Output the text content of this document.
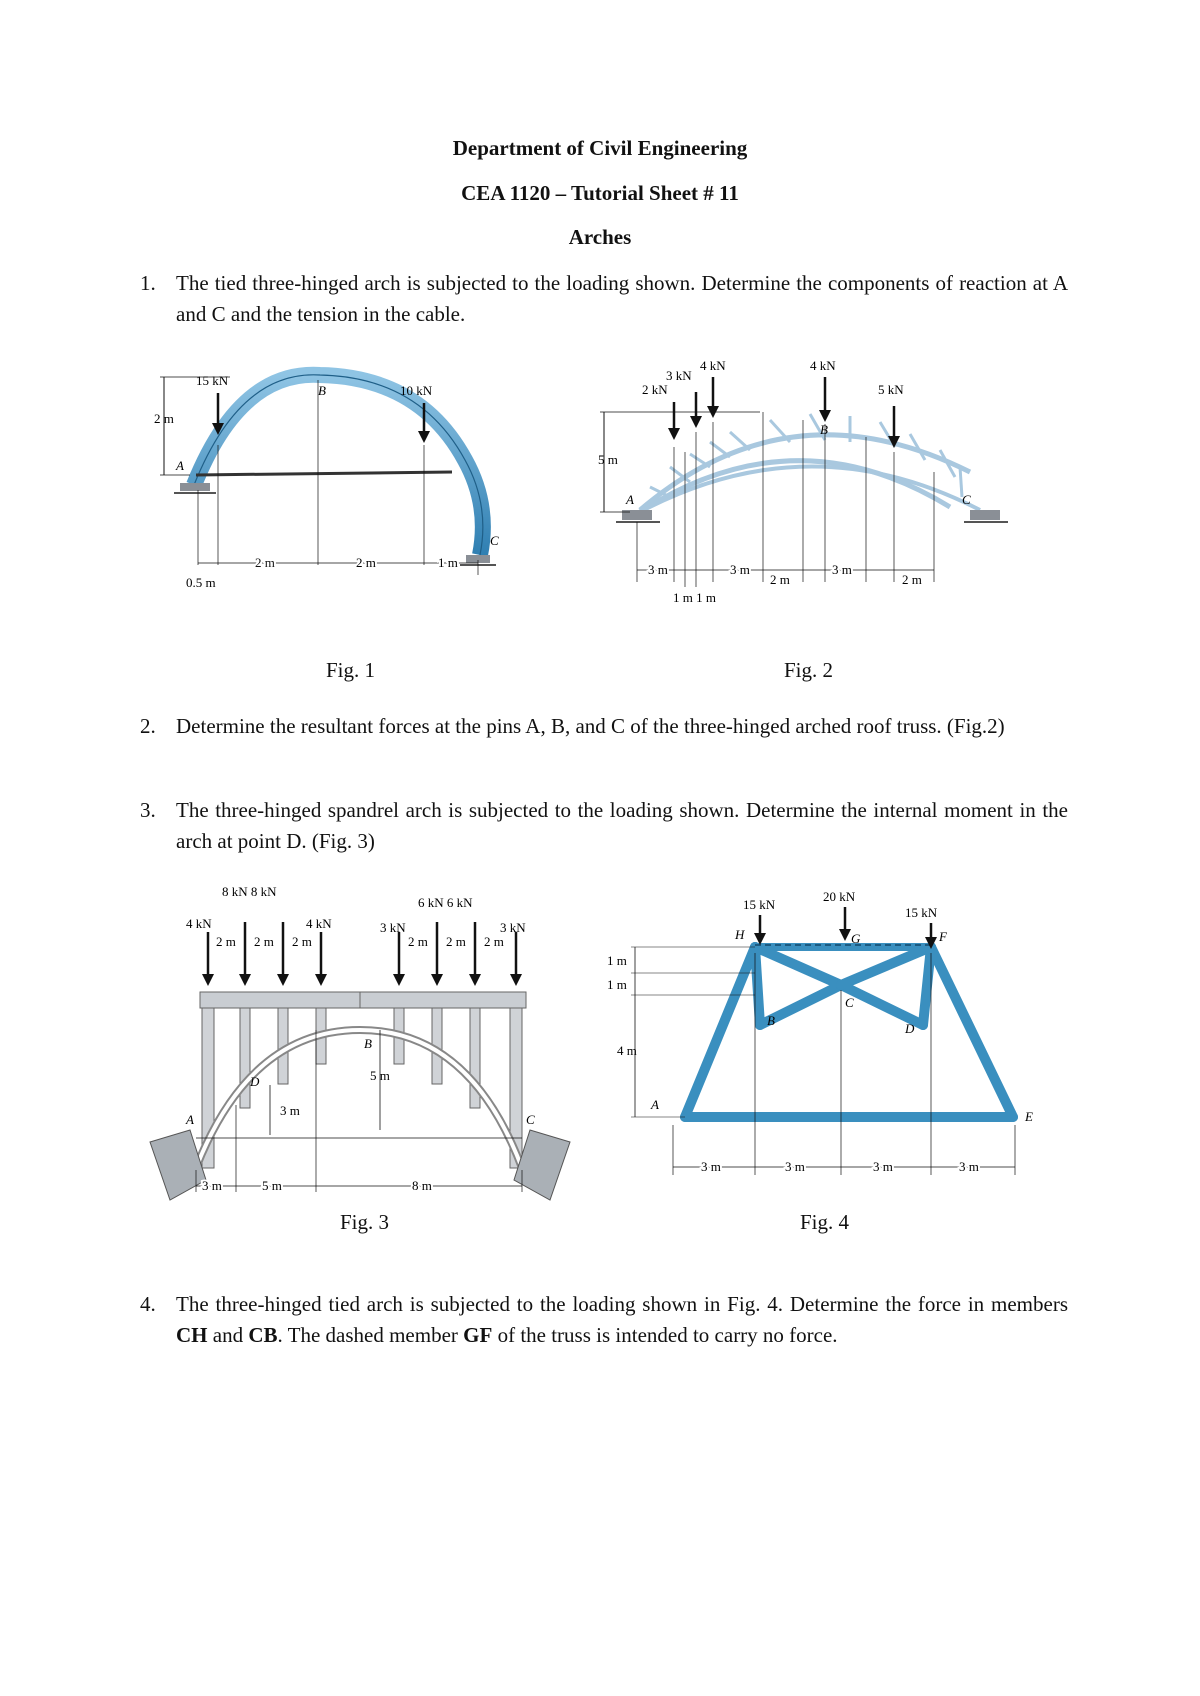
Department of Civil Engineering
CEA 1120 – Tutorial Sheet # 11
Arches
1. The tied three-hinged arch is subjected to the loading shown. Determine the components of reaction at A and C and the tension in the cable.
15 kN
10 kN
2 m
0.5 m
2 m	2 m	1 m
A
B
C
Fig. 1
2 kN
3 kN
4 kN	4 kN
5 kN
5 m
3 m	3 m
2 m
3 m
2 m
1 m 1 m
A
B
C
Fig. 2
2. Determine the resultant forces at the pins A, B, and C of the three-hinged arched roof truss. (Fig.2)
3. The three-hinged spandrel arch is subjected to the loading shown. Determine the internal moment in the arch at point D. (Fig. 3)
8 kN 8 kN
4 kN	4 kN
6 kN 6 kN
3 kN	3 kN
2 m 2 m 2 m	2 m 2 m 2 m
3 m
5 m
3 m	5 m	8 m
A
B
C
D
Fig. 3
15 kN
20 kN
15 kN
1 m
1 m
4 m
3 m	3 m	3 m	3 m
H	G	F
B
C
D
A
E
Fig. 4
4. The three-hinged tied arch is subjected to the loading shown in Fig. 4. Determine the force in members CH and CB. The dashed member GF of the truss is intended to carry no force.
